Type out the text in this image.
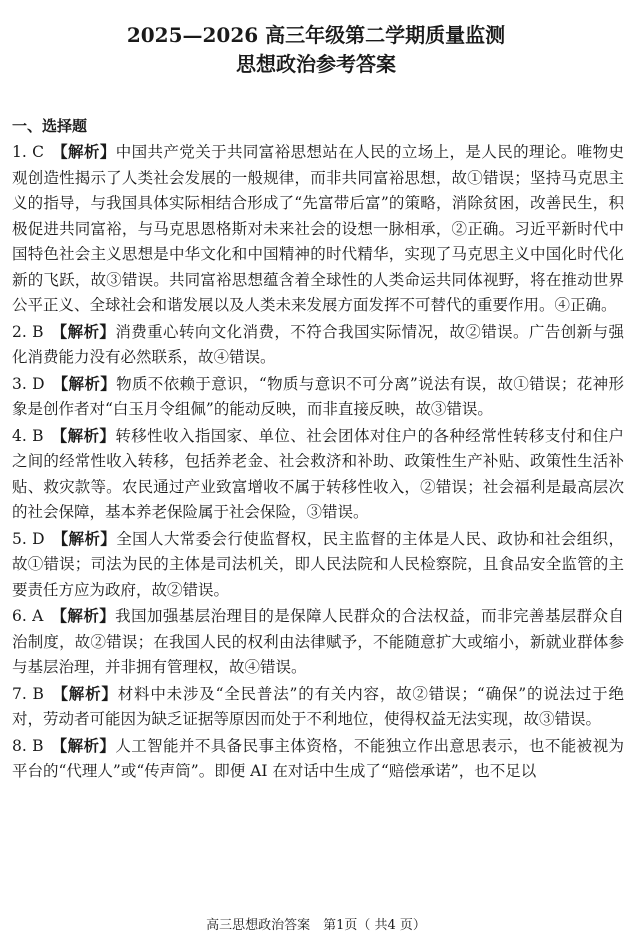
2025—2026 高三年级第二学期质量监测
思想政治参考答案
一、选择题
1. C  【解析】中国共产党关于共同富裕思想站在人民的立场上，是人民的理论。唯物史观创造性揭示了人类社会发展的一般规律，而非共同富裕思想，故①错误；坚持马克思主义的指导，与我国具体实际相结合形成了“先富带后富”的策略，消除贫困，改善民生，积极促进共同富裕，与马克思恩格斯对未来社会的设想一脉相承，②正确。习近平新时代中国特色社会主义思想是中华文化和中国精神的时代精华，实现了马克思主义中国化时代化新的飞跃，故③错误。共同富裕思想蕴含着全球性的人类命运共同体视野，将在推动世界公平正义、全球社会和谐发展以及人类未来发展方面发挥不可替代的重要作用。④正确。
2. B  【解析】消费重心转向文化消费，不符合我国实际情况，故②错误。广告创新与强化消费能力没有必然联系，故④错误。
3. D  【解析】物质不依赖于意识，“物质与意识不可分离”说法有误，故①错误；花神形象是创作者对“白玉月令组佩”的能动反映，而非直接反映，故③错误。
4. B  【解析】转移性收入指国家、单位、社会团体对住户的各种经常性转移支付和住户之间的经常性收入转移，包括养老金、社会救济和补助、政策性生产补贴、政策性生活补贴、救灾款等。农民通过产业致富增收不属于转移性收入，②错误；社会福利是最高层次的社会保障，基本养老保险属于社会保险，③错误。
5. D  【解析】全国人大常委会行使监督权，民主监督的主体是人民、政协和社会组织，故①错误；司法为民的主体是司法机关，即人民法院和人民检察院，且食品安全监管的主要责任方应为政府，故②错误。
6. A  【解析】我国加强基层治理目的是保障人民群众的合法权益，而非完善基层群众自治制度，故②错误；在我国人民的权利由法律赋予，不能随意扩大或缩小，新就业群体参与基层治理，并非拥有管理权，故④错误。
7. B  【解析】材料中未涉及“全民普法”的有关内容，故②错误；“确保”的说法过于绝对，劳动者可能因为缺乏证据等原因而处于不利地位，使得权益无法实现，故③错误。
8. B  【解析】人工智能并不具备民事主体资格，不能独立作出意思表示，也不能被视为平台的“代理人”或“传声筒”。即便 AI 在对话中生成了“赔偿承诺”，也不足以
高三思想政治答案　第1页（ 共4 页）
